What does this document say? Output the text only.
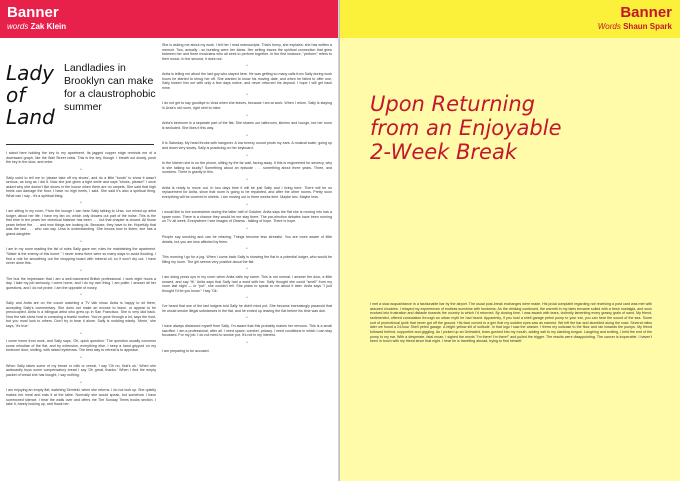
Banner
words Zak Klein
Lady of Land
Landladies in Brooklyn can make for a claustrophobic summer

I stand here holding the key to my apartment. Its jagged copper edge reminds me of a downward graph, like the Wall Street crisis. This is the key, though. I breath out slowly, push the key in the door, and enter.

*

Sally used to tell me to 'please take off my shoes', and do a little "boots" to show it wasn't serious, as long as I did it. Now she just gives a tight smile and says "shoes, please!" I once asked why she doesn't like shoes in the house when there are no carpets. She said that high heels can damage the floor. I have no high heels, I said. She said it's also a spiritual thing. What can I say - it's a spiritual thing.

*

I am sitting in my room. From the lounge I can hear Sally talking to Ursa, our mixed-up artist lodger, about her life. I have my fan on, which only drowns out part of the noise. This is the first time in ten years her chemical balance has been . . . but that chapter is closed. All those years before the . . . and now things are looking ok. Because, they have to be. Hopefully that was the last . . . who can say. Ursa is understanding. She knows how to listen; she has a grand-daughter.

*

I am in my room reading the list of rules Sally gave me; rules for maintaining the apartment. "Water is the enemy of this home." I never knew there were so many ways to avoid flooding. I find a rule for smoothing out the chopping board with mineral oil, so it won't dry out. I have never done this.

*

The bus the impression that I am a well-mannered British professional. I work eight hours a day. I take my job seriously, I come home, and I do my own thing. I am polite, I answer all her questions, and I do not probe. I am the opposite of nosey.

*

Sally and Anita are on the couch watching a TV talk show. Anita is happy to sit there, accepting Sally's commentary. She does not make an excuse to leave, or appear to be preoccupied. Anita is a bilingual artist who grew up in San Francisco. She is very laid back. Now the talk show host is consoling a tearful mother. You've gone through a lot, says the host, but you must look to others. Don't try to bear it alone. Sally is nodding wisely. 'Mmm,' she says, 'it's true.'

*

I come home from work, and Sally says, 'Oh, quick question.' The question usually concerns some minutiae of the flat, and by extension, everything else. I keep a hand gripped on my bedroom door, smiling, with raised eyebrows. The best way to retreat is to appease.

*

When Sally takes some of my bread or milk or cereal, I say 'Oh no, that's ok.' When she awkwardly buys some compensatory bread I say 'Oh great, thanks.' When I find the empty packet of bread she has bought, I say nothing.

*

I am enjoying an empty flat, watching Seinfeld, when she returns. I do not look up. She quietly makes her meal and eats it at the table. Normally she would speak, but somehow I have summoned silence. I hear the walls over and offers me The Sunday Times books section. I take it, barely looking up, and thank her.

She is asking me about my work. I tell her I read manuscripts. That's funny, she explains: she has written a memoir. Two, actually - so bursting were her ideas. Her writing traces the spiritual connection that grew between her and three musicians who all seek to perform together. In the first instance, "perform" refers to their music. In the second, it does not.

*

Anita is telling me about the last guy who stayed here. He was getting so many calls from Sally during work hours he started to shrug her off. She wanted to know his moving date, and when he failed to offer one, Sally kicked him out with only a few days notice, and never returned his deposit. I hope I will get back mine.

*

I do not get to say goodbye to Ursa when she leaves, because I am at work. When I return, Sally is staying in Ursa's old room, right next to mine.

*

Anita's bedroom is a separate part of the flat. She shares our bathroom, kitchen and lounge, but her room is secluded. She likes it this way.

*

It is Saturday. My head throbs with hangover. A low breezy sound prods my ears. A musical scale, going up and down very slowly. Sally is practicing on her keyboard.

*

In the kitchen she is on the phone, sitting by the far wall, facing away. If this is engineered for secrecy, why is she talking so loudly? Something about an episode . . . something about three years. Three, and numbers. There is gravity in this.

*

Anita is ready to move out. In two days time it will be just Sally and I living here. There will be no replacement for Anita, since that room is going to be repainted, and after the other rooms. Pretty soon everything will be covered in sheets. I am moving out in three weeks time. Maybe two. Maybe less.

*

I would like to live somewhere during the latter half of October. Anita says the flat she is moving into has a spare room. There is a chance they would let me stay there. The pre-election debates have been running on TV all week. Everywhere I see images of Obama - talking of hope. There is hope.

*

People say smoking and can be relaxing. Things become less stressful. You are more aware of little details, but you are less affected by them.

*

This morning I go for a jog. When I come back Sally is showing the flat to a potential lodger, who would be filling my room. The girl seems very positive about the flat.

*

I am doing press ups in my room when Anita calls my name. This is not normal. I answer the door, a little wowed, and say 'Hi.' Anita says that Sally had a word with her. Sally thought she could "smell" from my room last night — or "pot", she couldn't tell. She plans to speak to me about it later. Anita says "I just thought I'd let you know." I say 'Ok.'

*

I've heard that one of the last lodgers told Sally he didn't mind pot. She became increasingly paranoid that he would smoke illegal substances in the flat, and he ended up leaving the flat before his time was due.

*

I have always distanced myself from Sally. I'm aware that this probably makes her nervous. This is a small sacrifice. I am a professional, after all. I need space, comfort, privacy. I need conditions in which I can stay focussed. For my job. I do not need to smoke pot. It's not in my interest.

*

I am preparing to be accused.

Banner
Words Shaun Spark
Upon Returning from an Enjoyable 2-Week Break

I met a slow acquaintance in a fashionable bar by the airport. The usual post-break exchanges were made. His jovial complaint regarding not receiving a post card was met with assured chuckles. I relayed my experiences of endless sunshine with fondness. As the drinking continued, the warmth in my tales became soiled with a fresh nostalgia, and soon evolved into frustration and distaste towards the country to which I'd returned. By closing time, I was awash with tears, violently lamenting every grassy grain of sand. My friend, sedimented, offered consolation through an urban myth he had heard. Apparently, if you hold a shell garage petrol pump to your ear, you can hear the sound of the sea. Some sort of promotional quirk that never got off the ground. His face curved to a grin that my sodden eyes saw as earnest. We left the bar and stumbled along the road. Several miles later we found a 24-hour Shell petrol garage. A bright yellow slit of solitude. In that logo I saw the answer. I threw my suitcase to the floor and ran towards the pumps. My friend followed behind, supportive and giggling. As I picked up an Unleaded, tears gushed into my mouth, adding salt to my clanking tongue. Laughing and smiling, I held the end of the pump to my ear. With a desperate, fatal moan, I sighed the words "I'm there! I'm there!" and pulled the trigger. The results were disappointing. The cancer is inoperable. I haven't been in touch with my friend since that night. I hear he is travelling abroad, trying to find himself.
